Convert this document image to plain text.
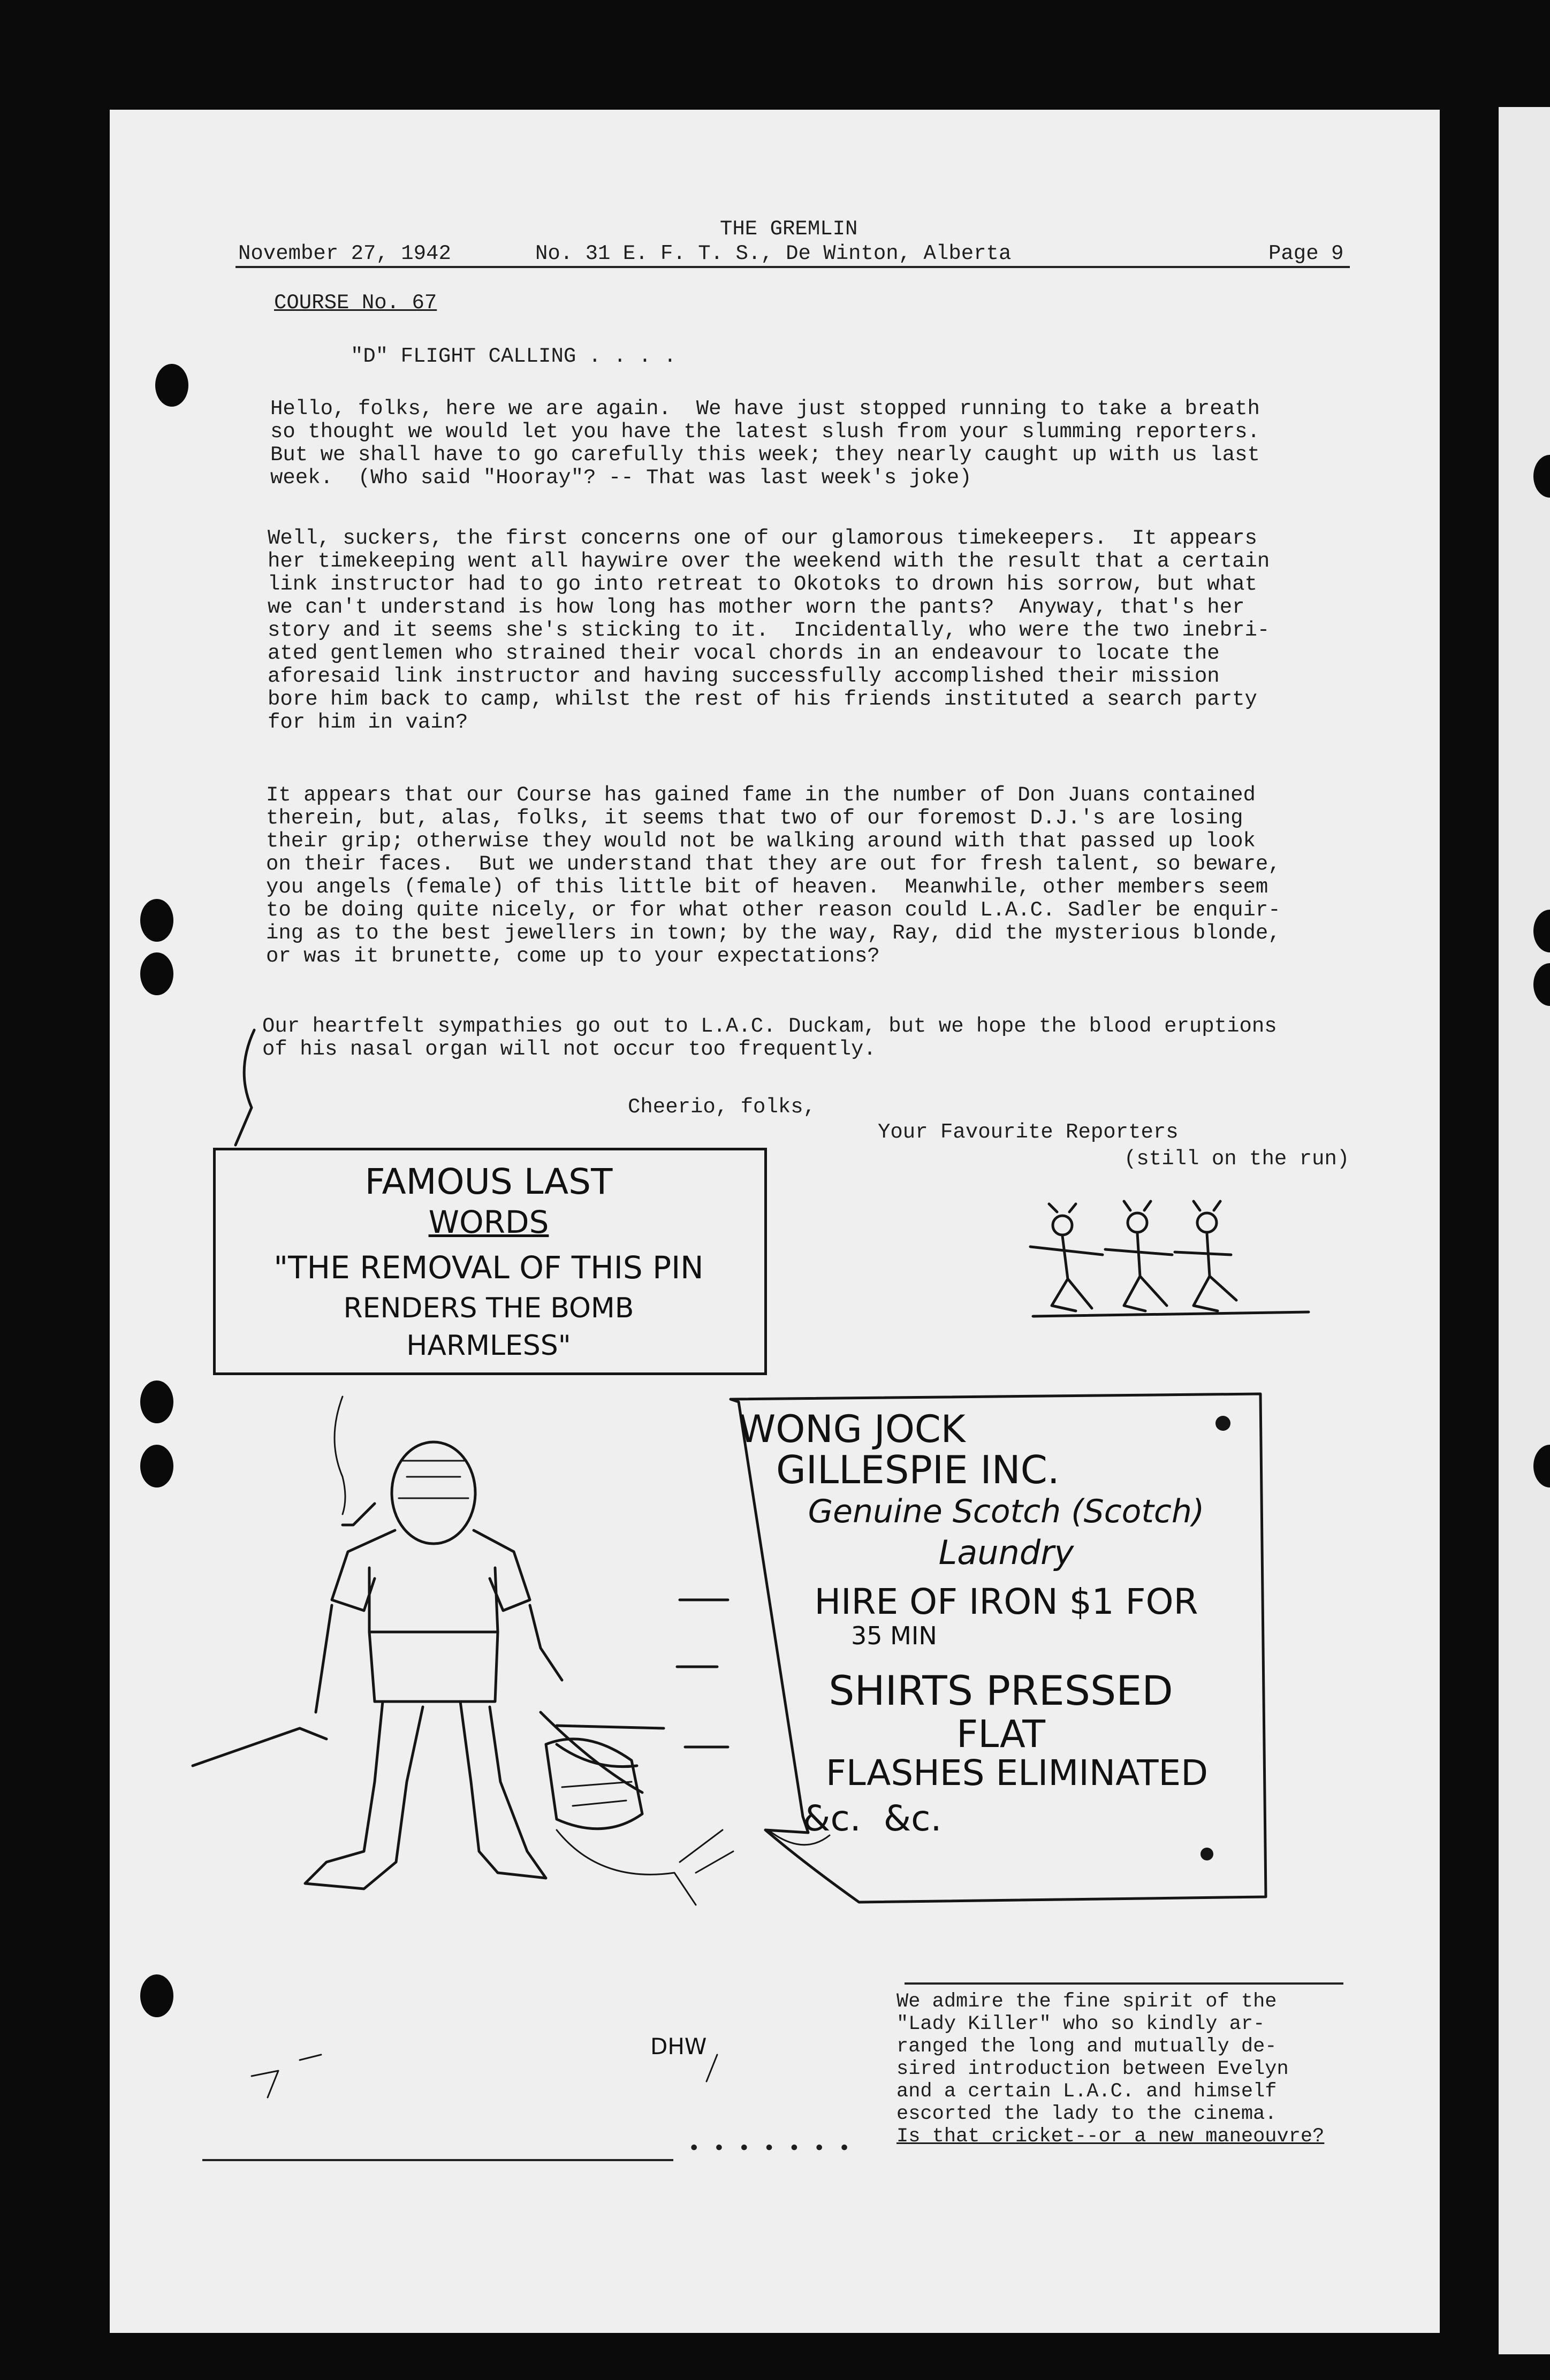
THE GREMLIN
November 27, 1942	No. 31 E. F. T. S., De Winton, Alberta	Page 9
COURSE No. 67
"D" FLIGHT CALLING . . . .
Hello, folks, here we are again.  We have just stopped running to take a breath
so thought we would let you have the latest slush from your slumming reporters.
But we shall have to go carefully this week; they nearly caught up with us last
week.  (Who said "Hooray"? -- That was last week's joke)
Well, suckers, the first concerns one of our glamorous timekeepers.  It appears
her timekeeping went all haywire over the weekend with the result that a certain
link instructor had to go into retreat to Okotoks to drown his sorrow, but what
we can't understand is how long has mother worn the pants?  Anyway, that's her
story and it seems she's sticking to it.  Incidentally, who were the two inebri-
ated gentlemen who strained their vocal chords in an endeavour to locate the
aforesaid link instructor and having successfully accomplished their mission
bore him back to camp, whilst the rest of his friends instituted a search party
for him in vain?
It appears that our Course has gained fame in the number of Don Juans contained
therein, but, alas, folks, it seems that two of our foremost D.J.'s are losing
their grip; otherwise they would not be walking around with that passed up look
on their faces.  But we understand that they are out for fresh talent, so beware,
you angels (female) of this little bit of heaven.  Meanwhile, other members seem
to be doing quite nicely, or for what other reason could L.A.C. Sadler be enquir-
ing as to the best jewellers in town; by the way, Ray, did the mysterious blonde,
or was it brunette, come up to your expectations?
Our heartfelt sympathies go out to L.A.C. Duckam, but we hope the blood eruptions
of his nasal organ will not occur too frequently.
Cheerio, folks,
Your Favourite Reporters
(still on the run)
FAMOUS LAST
WORDS
"THE REMOVAL OF THIS PIN
RENDERS THE BOMB
HARMLESS"
WONG JOCK
GILLESPIE INC.
Genuine Scotch (Scotch)
Laundry
HIRE OF IRON $1 FOR
35 MIN
SHIRTS PRESSED
FLAT
FLASHES ELIMINATED
&c.  &c.
DHW
We admire the fine spirit of the
"Lady Killer" who so kindly ar-
ranged the long and mutually de-
sired introduction between Evelyn
and a certain L.A.C. and himself
escorted the lady to the cinema.
Is that cricket--or a new maneouvre?
• • • • • • •
